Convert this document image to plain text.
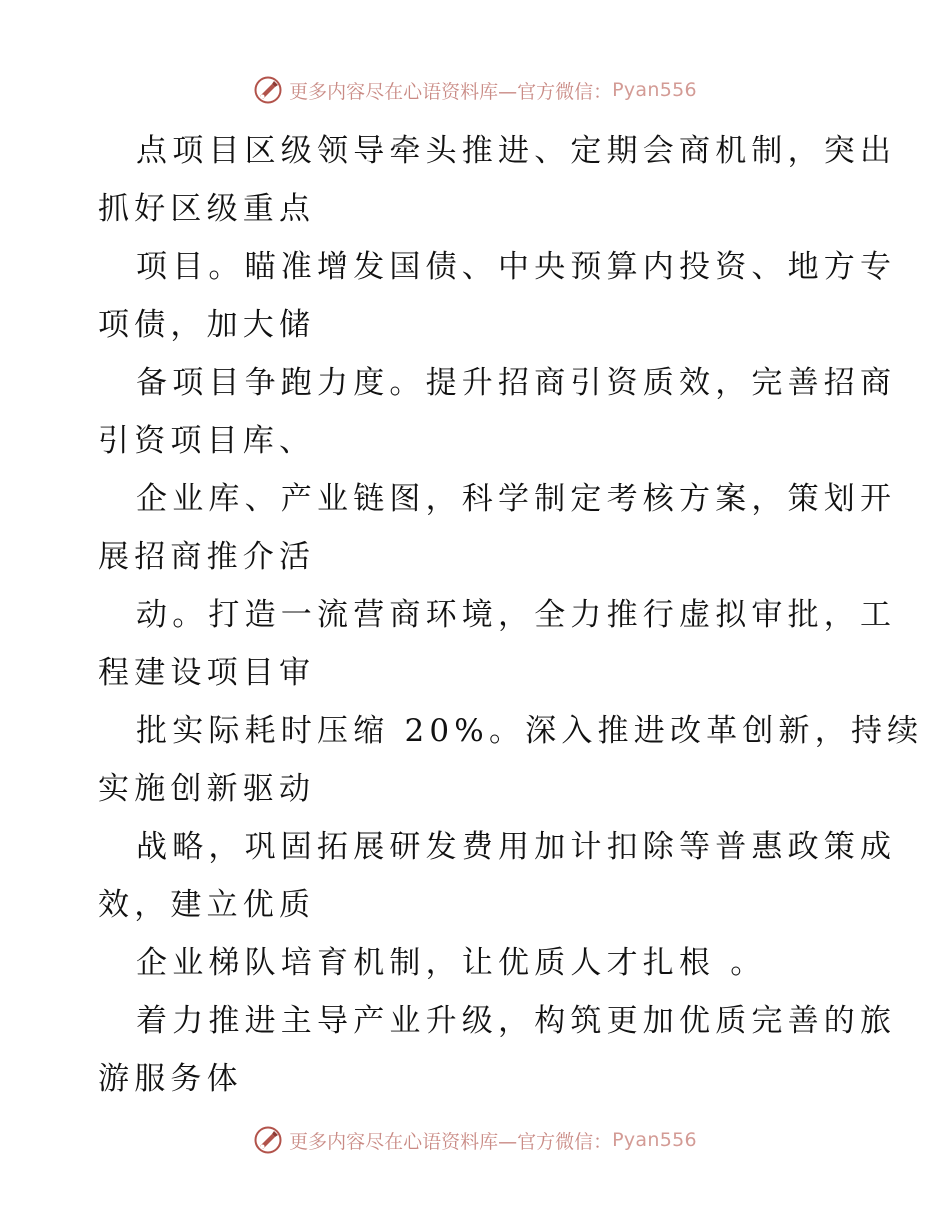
更多内容尽在心语资料库—官方微信： Pyan556

点项目区级领导牵头推进、定期会商机制，突出
抓好区级重点

项目。瞄准增发国债、中央预算内投资、地方专
项债，加大储

备项目争跑力度。提升招商引资质效，完善招商
引资项目库、

企业库、产业链图，科学制定考核方案，策划开
展招商推介活

动。打造一流营商环境，全力推行虚拟审批，工
程建设项目审

批实际耗时压缩 20%。深入推进改革创新，持续
实施创新驱动

战略，巩固拓展研发费用加计扣除等普惠政策成
效，建立优质

企业梯队培育机制，让优质人才扎根 。

着力推进主导产业升级，构筑更加优质完善的旅
游服务体

更多内容尽在心语资料库—官方微信： Pyan556
